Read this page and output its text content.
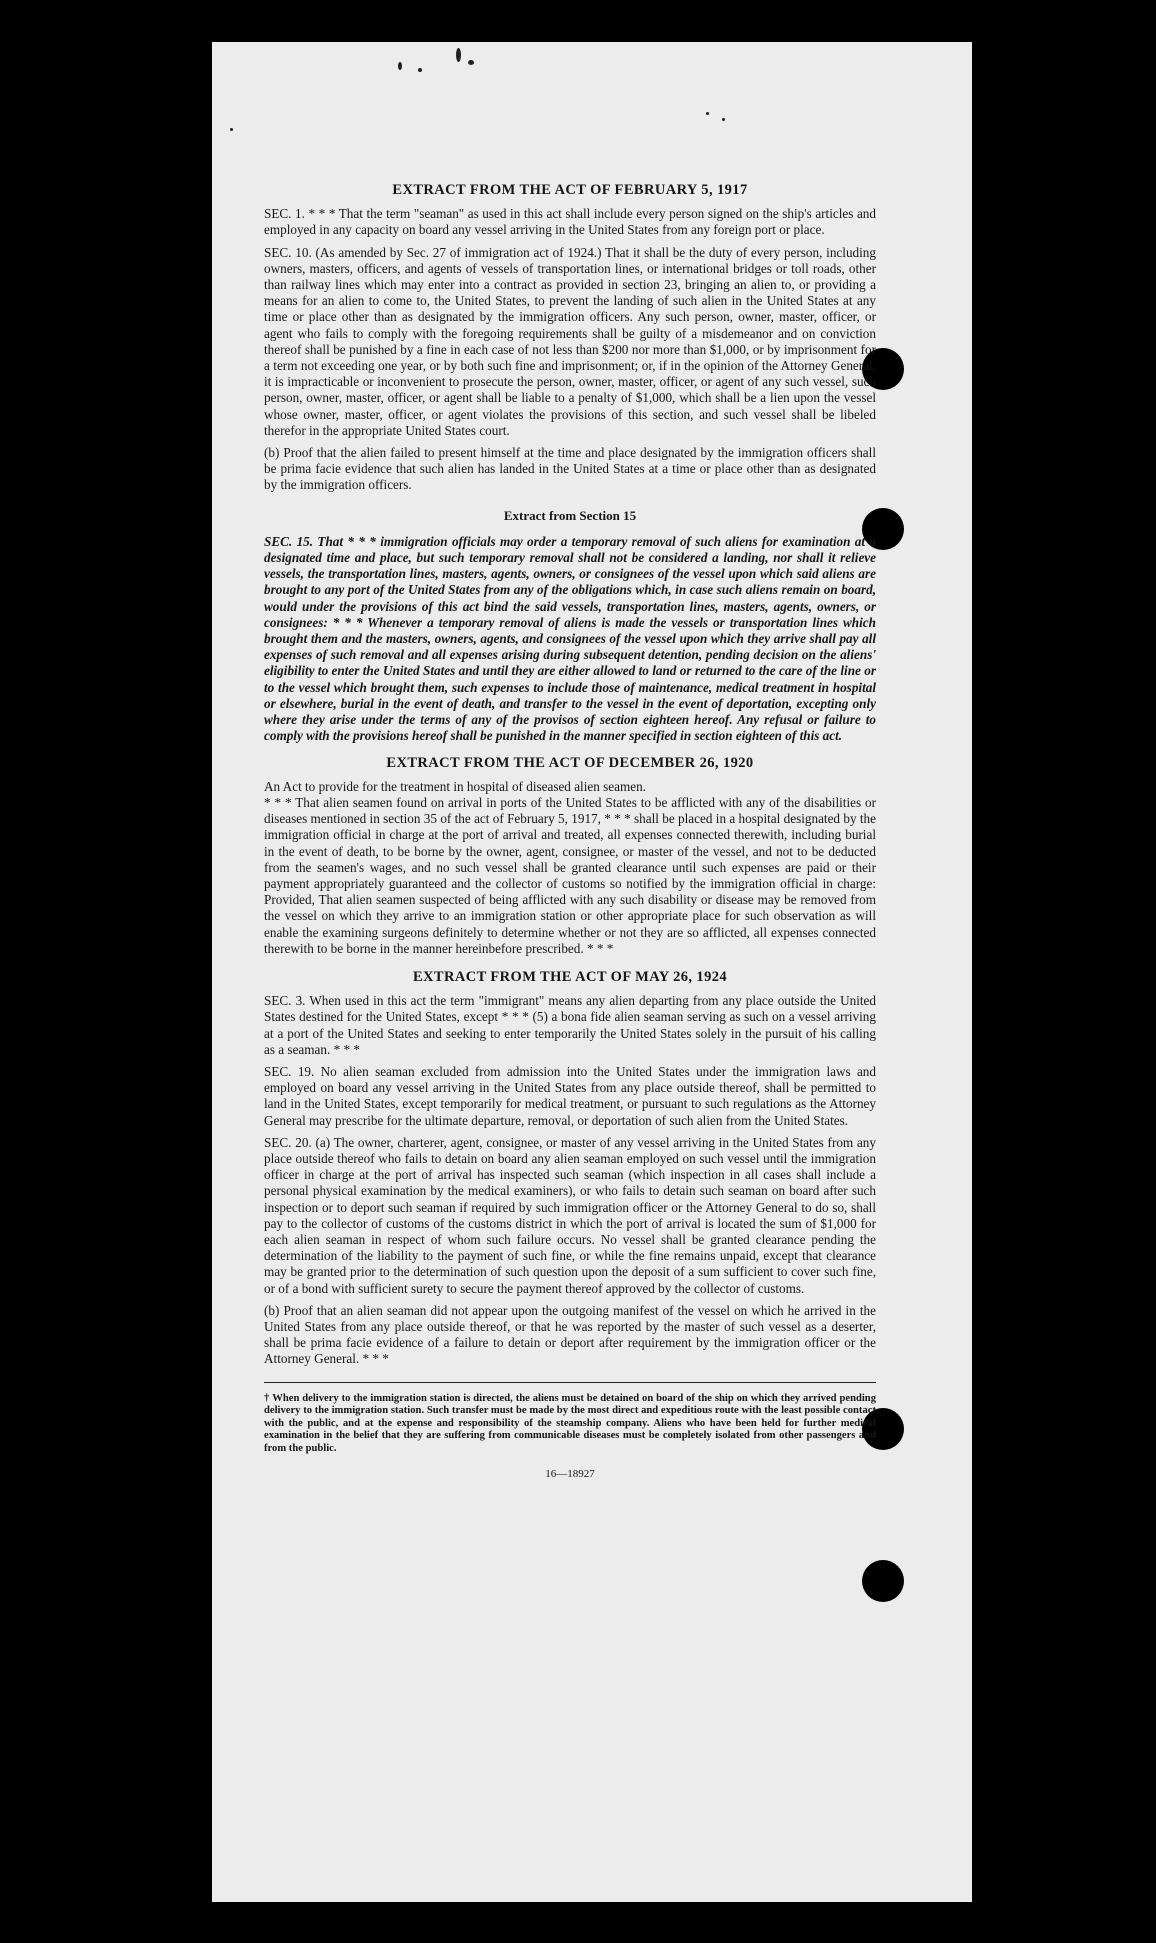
EXTRACT FROM THE ACT OF FEBRUARY 5, 1917

SEC. 1. * * * That the term "seaman" as used in this act shall include every person signed on the ship's articles and employed in any capacity on board any vessel arriving in the United States from any foreign port or place.

SEC. 10. (As amended by Sec. 27 of immigration act of 1924.) That it shall be the duty of every person, including owners, masters, officers, and agents of vessels of transportation lines, or international bridges or toll roads, other than railway lines which may enter into a contract as provided in section 23, bringing an alien to, or providing a means for an alien to come to, the United States, to prevent the landing of such alien in the United States at any time or place other than as designated by the immigration officers. Any such person, owner, master, officer, or agent who fails to comply with the foregoing requirements shall be guilty of a misdemeanor and on conviction thereof shall be punished by a fine in each case of not less than $200 nor more than $1,000, or by imprisonment for a term not exceeding one year, or by both such fine and imprisonment; or, if in the opinion of the Attorney General, it is impracticable or inconvenient to prosecute the person, owner, master, officer, or agent of any such vessel, such person, owner, master, officer, or agent shall be liable to a penalty of $1,000, which shall be a lien upon the vessel whose owner, master, officer, or agent violates the provisions of this section, and such vessel shall be libeled therefor in the appropriate United States court.

(b) Proof that the alien failed to present himself at the time and place designated by the immigration officers shall be prima facie evidence that such alien has landed in the United States at a time or place other than as designated by the immigration officers.

Extract from Section 15

SEC. 15. That * * * immigration officials may order a temporary removal of such aliens for examination at a designated time and place, but such temporary removal shall not be considered a landing, nor shall it relieve vessels, the transportation lines, masters, agents, owners, or consignees of the vessel upon which said aliens are brought to any port of the United States from any of the obligations which, in case such aliens remain on board, would under the provisions of this act bind the said vessels, transportation lines, masters, agents, owners, or consignees: * * * Whenever a temporary removal of aliens is made the vessels or transportation lines which brought them and the masters, owners, agents, and consignees of the vessel upon which they arrive shall pay all expenses of such removal and all expenses arising during subsequent detention, pending decision on the aliens' eligibility to enter the United States and until they are either allowed to land or returned to the care of the line or to the vessel which brought them, such expenses to include those of maintenance, medical treatment in hospital or elsewhere, burial in the event of death, and transfer to the vessel in the event of deportation, excepting only where they arise under the terms of any of the provisos of section eighteen hereof. Any refusal or failure to comply with the provisions hereof shall be punished in the manner specified in section eighteen of this act.

EXTRACT FROM THE ACT OF DECEMBER 26, 1920

An Act to provide for the treatment in hospital of diseased alien seamen.

* * * That alien seamen found on arrival in ports of the United States to be afflicted with any of the disabilities or diseases mentioned in section 35 of the act of February 5, 1917, * * * shall be placed in a hospital designated by the immigration official in charge at the port of arrival and treated, all expenses connected therewith, including burial in the event of death, to be borne by the owner, agent, consignee, or master of the vessel, and not to be deducted from the seamen's wages, and no such vessel shall be granted clearance until such expenses are paid or their payment appropriately guaranteed and the collector of customs so notified by the immigration official in charge: Provided, That alien seamen suspected of being afflicted with any such disability or disease may be removed from the vessel on which they arrive to an immigration station or other appropriate place for such observation as will enable the examining surgeons definitely to determine whether or not they are so afflicted, all expenses connected therewith to be borne in the manner hereinbefore prescribed. * * *

EXTRACT FROM THE ACT OF MAY 26, 1924

SEC. 3. When used in this act the term "immigrant" means any alien departing from any place outside the United States destined for the United States, except * * * (5) a bona fide alien seaman serving as such on a vessel arriving at a port of the United States and seeking to enter temporarily the United States solely in the pursuit of his calling as a seaman. * * *

SEC. 19. No alien seaman excluded from admission into the United States under the immigration laws and employed on board any vessel arriving in the United States from any place outside thereof, shall be permitted to land in the United States, except temporarily for medical treatment, or pursuant to such regulations as the Attorney General may prescribe for the ultimate departure, removal, or deportation of such alien from the United States.

SEC. 20. (a) The owner, charterer, agent, consignee, or master of any vessel arriving in the United States from any place outside thereof who fails to detain on board any alien seaman employed on such vessel until the immigration officer in charge at the port of arrival has inspected such seaman (which inspection in all cases shall include a personal physical examination by the medical examiners), or who fails to detain such seaman on board after such inspection or to deport such seaman if required by such immigration officer or the Attorney General to do so, shall pay to the collector of customs of the customs district in which the port of arrival is located the sum of $1,000 for each alien seaman in respect of whom such failure occurs. No vessel shall be granted clearance pending the determination of the liability to the payment of such fine, or while the fine remains unpaid, except that clearance may be granted prior to the determination of such question upon the deposit of a sum sufficient to cover such fine, or of a bond with sufficient surety to secure the payment thereof approved by the collector of customs.

(b) Proof that an alien seaman did not appear upon the outgoing manifest of the vessel on which he arrived in the United States from any place outside thereof, or that he was reported by the master of such vessel as a deserter, shall be prima facie evidence of a failure to detain or deport after requirement by the immigration officer or the Attorney General. * * *

† When delivery to the immigration station is directed, the aliens must be detained on board of the ship on which they arrived pending delivery to the immigration station. Such transfer must be made by the most direct and expeditious route with the least possible contact with the public, and at the expense and responsibility of the steamship company. Aliens who have been held for further medical examination in the belief that they are suffering from communicable diseases must be completely isolated from other passengers and from the public.

16—18927
